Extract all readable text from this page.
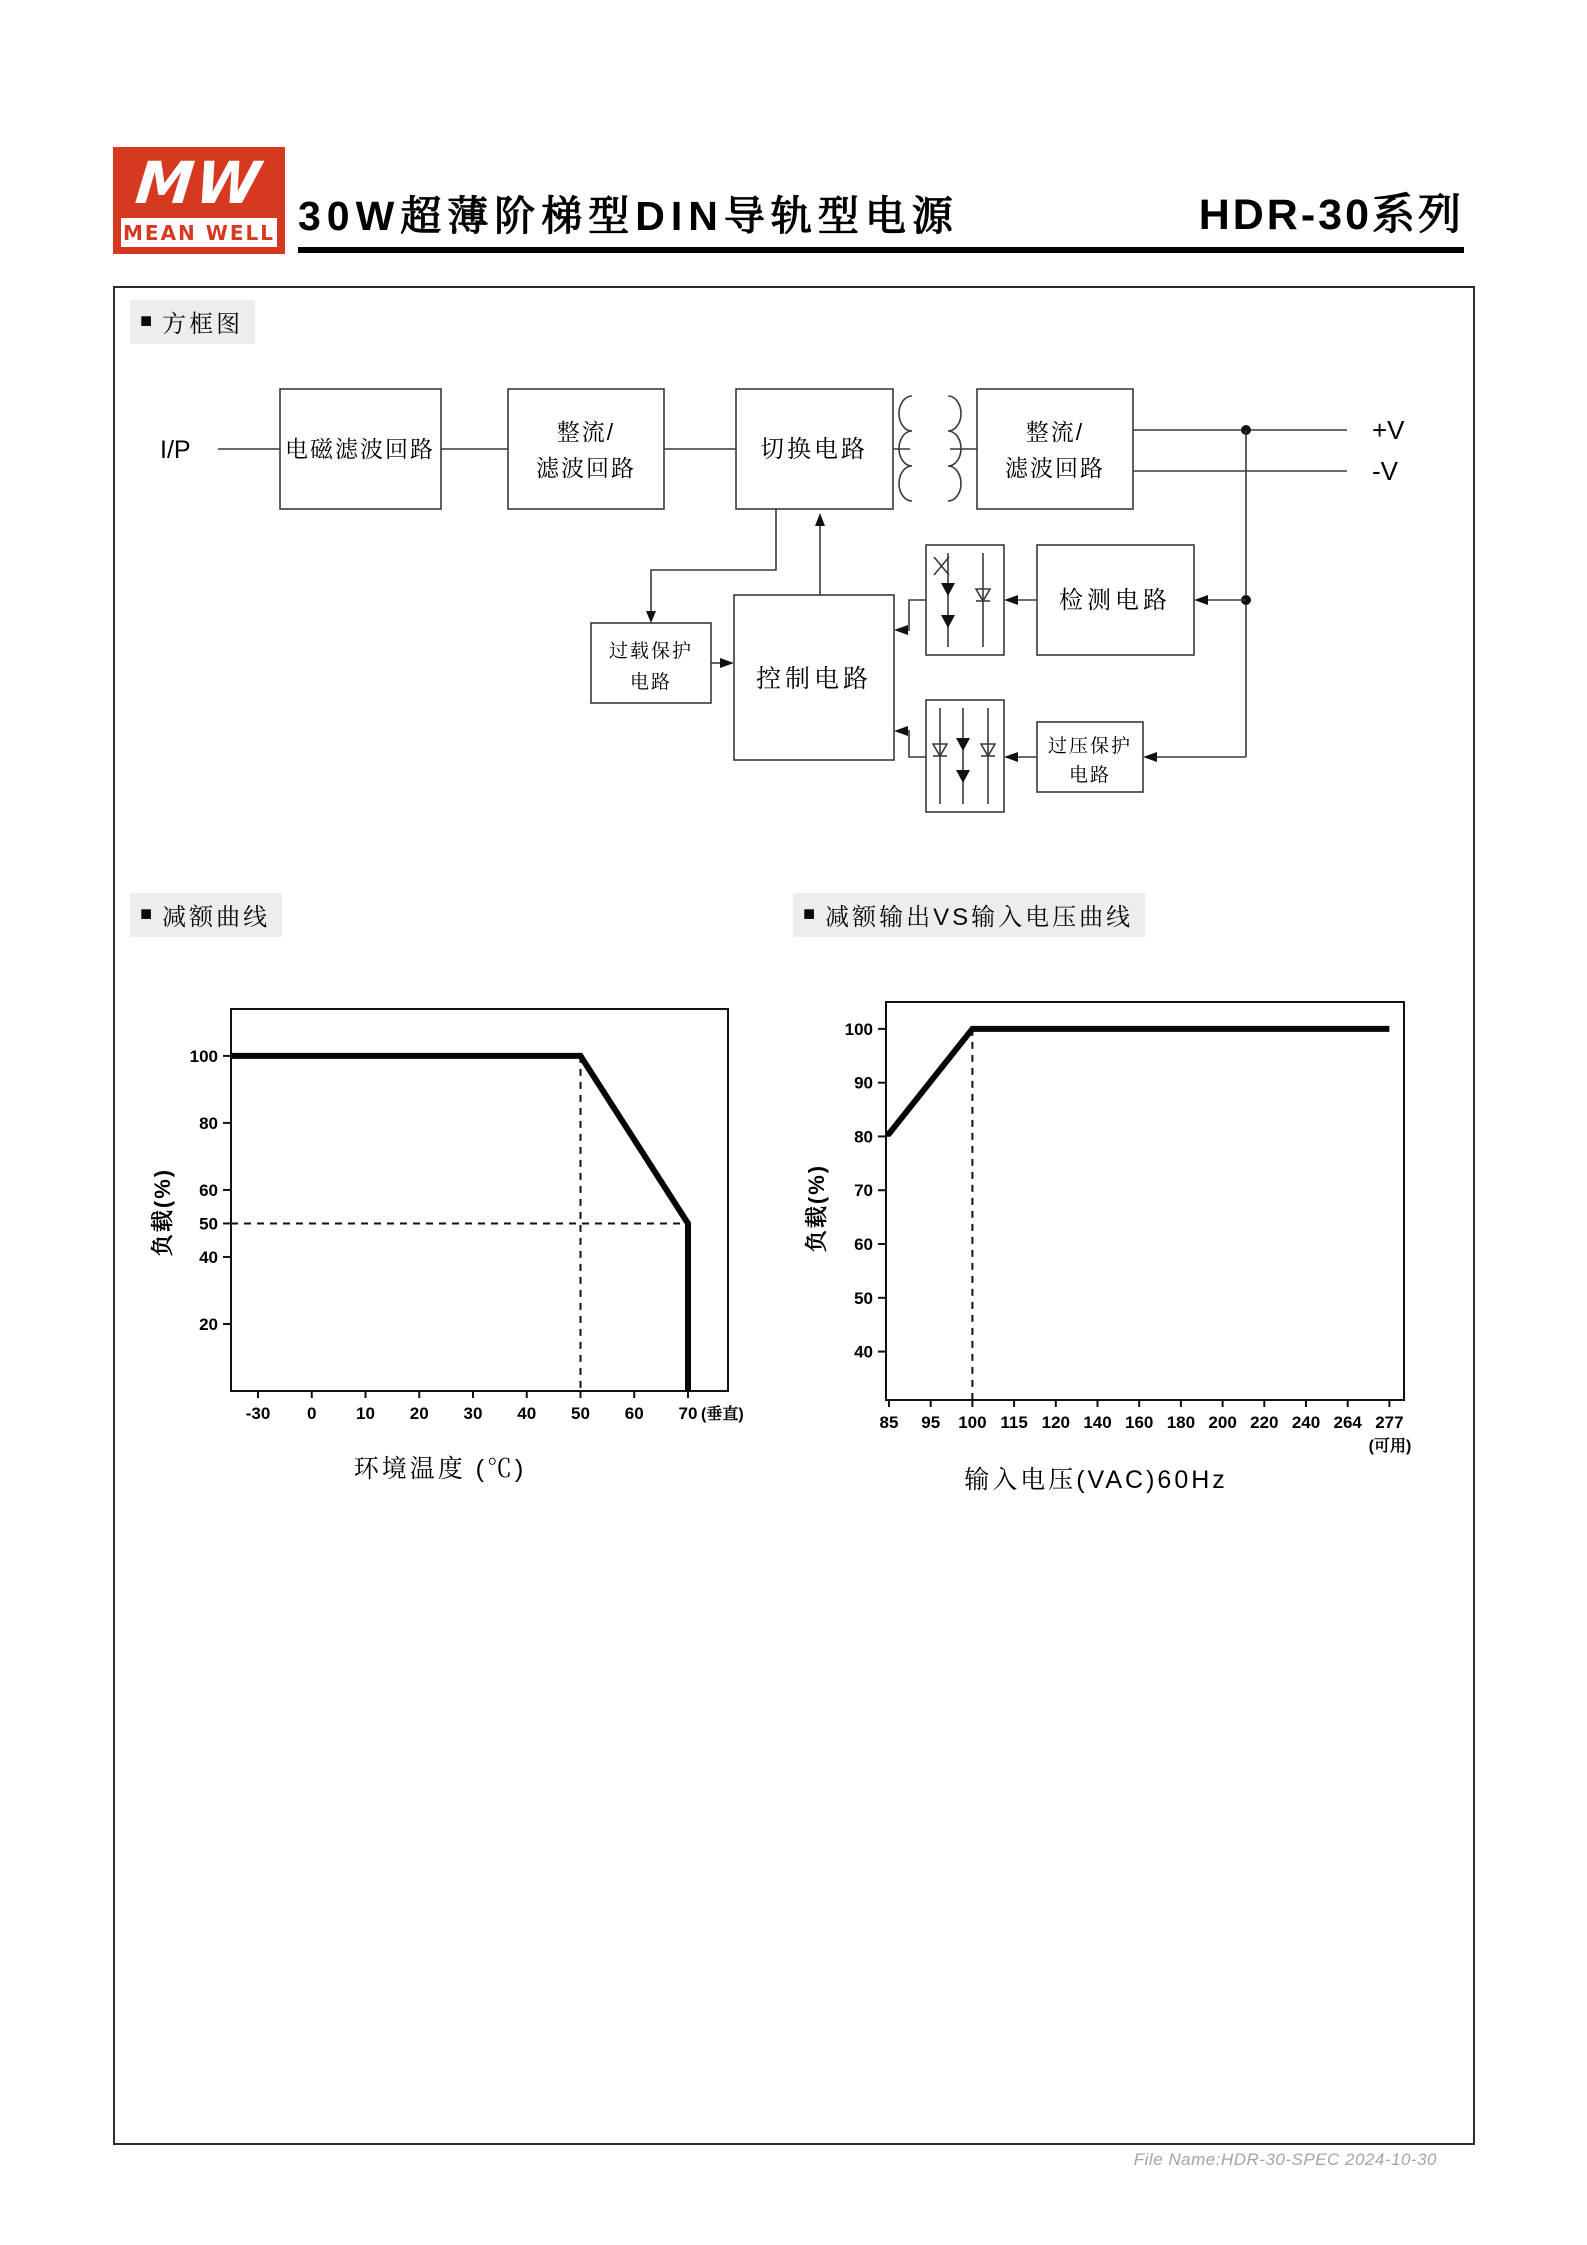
MW
MEAN WELL 30W超薄阶梯型DIN导轨型电源	HDR-30系列
■ 方框图
I/P	电磁滤波回路
整流/
滤波回路
切换电路
整流/
滤波回路
+V
-V
过载保护
电路	控制电路
检测电路
过压保护
电路
■ 减额曲线	■ 减额输出VS输入电压曲线
20
40
50
60
80
100
-30 0 10 20 30 40 50 60 70 (垂直)
负载(%)
环境温度 (℃)
40
50
60
70
80
90
100
85 95 100 115 120 140 160 180 200 220 240 264 277
(可用)
负载(%)
输入电压(VAC)60Hz
File Name:HDR-30-SPEC 2024-10-30
